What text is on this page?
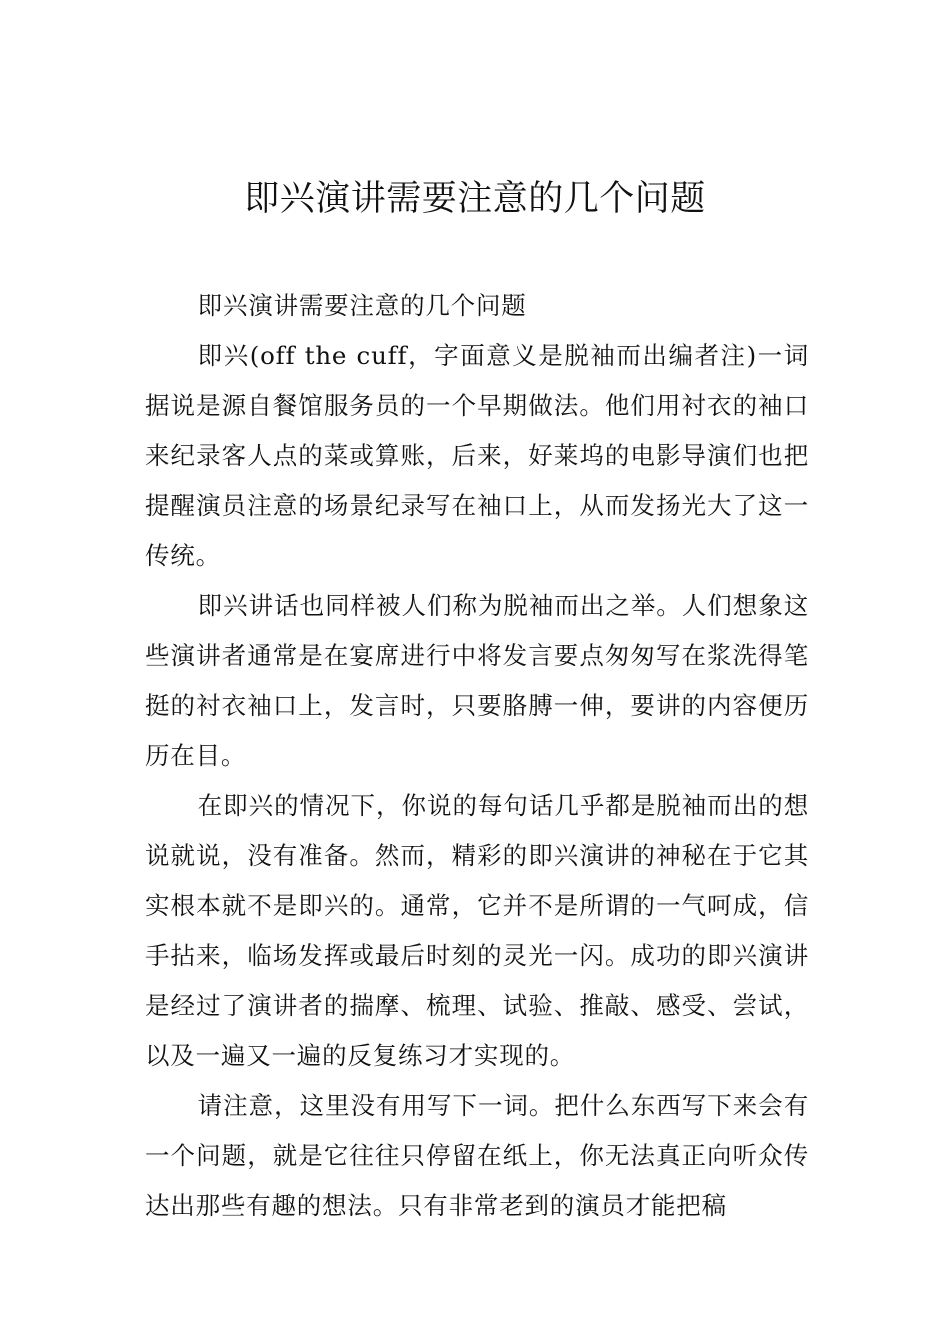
即兴演讲需要注意的几个问题

即兴演讲需要注意的几个问题

即兴(off the cuff，字面意义是脱袖而出编者注)一词据说是源自餐馆服务员的一个早期做法。他们用衬衣的袖口来纪录客人点的菜或算账，后来，好莱坞的电影导演们也把提醒演员注意的场景纪录写在袖口上，从而发扬光大了这一传统。

即兴讲话也同样被人们称为脱袖而出之举。人们想象这些演讲者通常是在宴席进行中将发言要点匆匆写在浆洗得笔挺的衬衣袖口上，发言时，只要胳膊一伸，要讲的内容便历历在目。

在即兴的情况下，你说的每句话几乎都是脱袖而出的想说就说，没有准备。然而，精彩的即兴演讲的神秘在于它其实根本就不是即兴的。通常，它并不是所谓的一气呵成，信手拈来，临场发挥或最后时刻的灵光一闪。成功的即兴演讲是经过了演讲者的揣摩、梳理、试验、推敲、感受、尝试，以及一遍又一遍的反复练习才实现的。

请注意，这里没有用写下一词。把什么东西写下来会有一个问题，就是它往往只停留在纸上，你无法真正向听众传达出那些有趣的想法。只有非常老到的演员才能把稿
